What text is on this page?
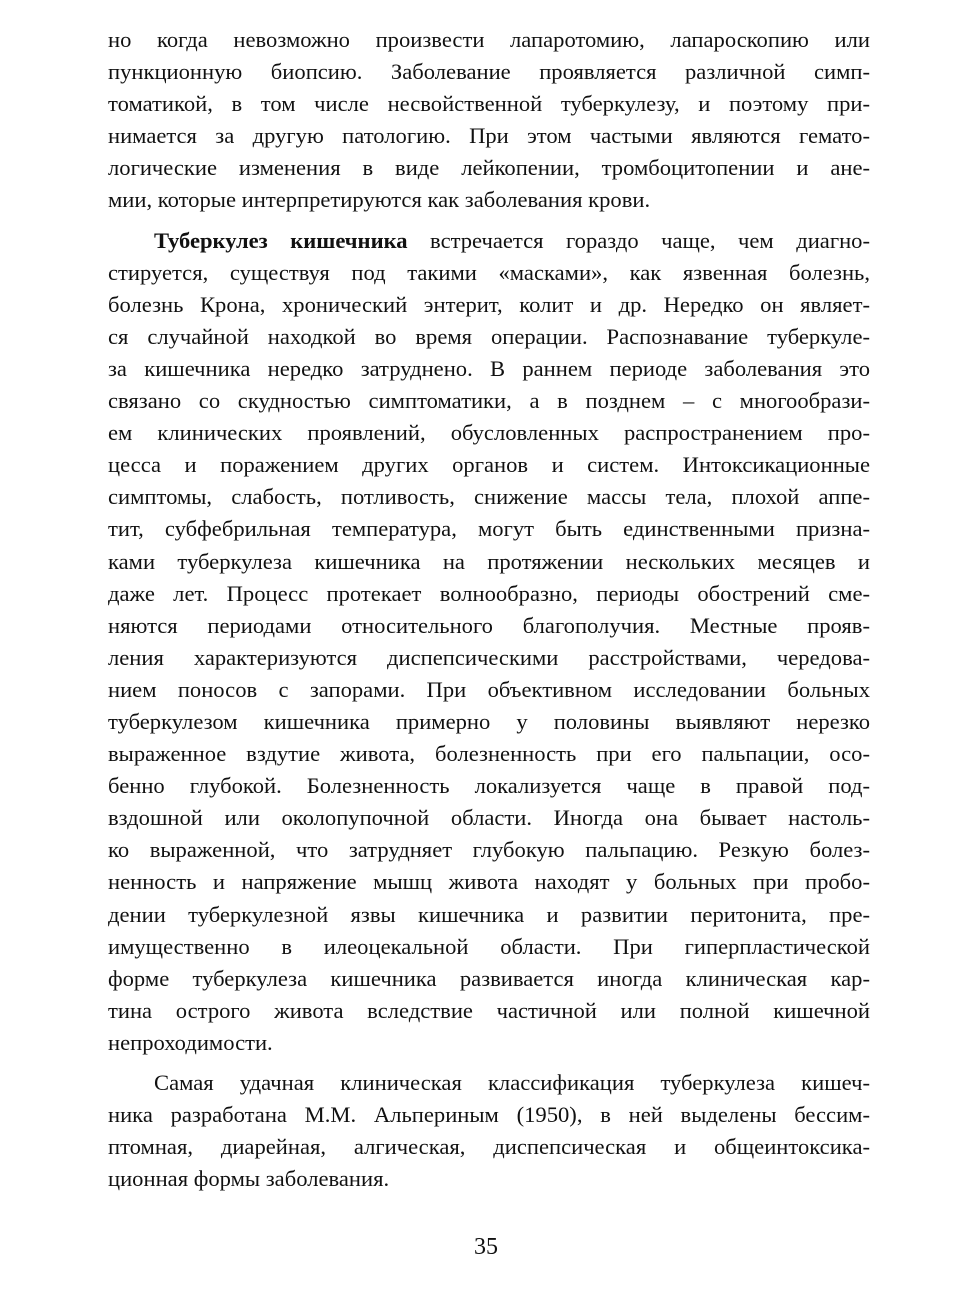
но когда невозможно произвести лапаротомию, лапароскопию или
пункционную биопсию. Заболевание проявляется различной симп-
томатикой, в том числе несвойственной туберкулезу, и поэтому при-
нимается за другую патологию. При этом частыми являются гемато-
логические изменения в виде лейкопении, тромбоцитопении и ане-
мии, которые интерпретируются как заболевания крови.
Туберкулез кишечника встречается гораздо чаще, чем диагно-
стируется, существуя под такими «масками», как язвенная болезнь,
болезнь Крона, хронический энтерит, колит и др. Нередко он являет-
ся случайной находкой во время операции. Распознавание туберкуле-
за кишечника нередко затруднено. В раннем периоде заболевания это
связано со скудностью симптоматики, а в позднем – с многообрази-
ем клинических проявлений, обусловленных распространением про-
цесса и поражением других органов и систем. Интоксикационные
симптомы, слабость, потливость, снижение массы тела, плохой аппе-
тит, субфебрильная температура, могут быть единственными призна-
ками туберкулеза кишечника на протяжении нескольких месяцев и
даже лет. Процесс протекает волнообразно, периоды обострений сме-
няются периодами относительного благополучия. Местные прояв-
ления характеризуются диспепсическими расстройствами, чередова-
нием поносов с запорами. При объективном исследовании больных
туберкулезом кишечника примерно у половины выявляют нерезко
выраженное вздутие живота, болезненность при его пальпации, осо-
бенно глубокой. Болезненность локализуется чаще в правой под-
вздошной или околопупочной области. Иногда она бывает настоль-
ко выраженной, что затрудняет глубокую пальпацию. Резкую болез-
ненность и напряжение мышц живота находят у больных при пробо-
дении туберкулезной язвы кишечника и развитии перитонита, пре-
имущественно в илеоцекальной области. При гиперпластической
форме туберкулеза кишечника развивается иногда клиническая кар-
тина острого живота вследствие частичной или полной кишечной
непроходимости.
Самая удачная клиническая классификация туберкулеза кишеч-
ника разработана М.М. Альпериным (1950), в ней выделены бессим-
птомная, диарейная, алгическая, диспепсическая и общеинтоксика-
ционная формы заболевания.
35
